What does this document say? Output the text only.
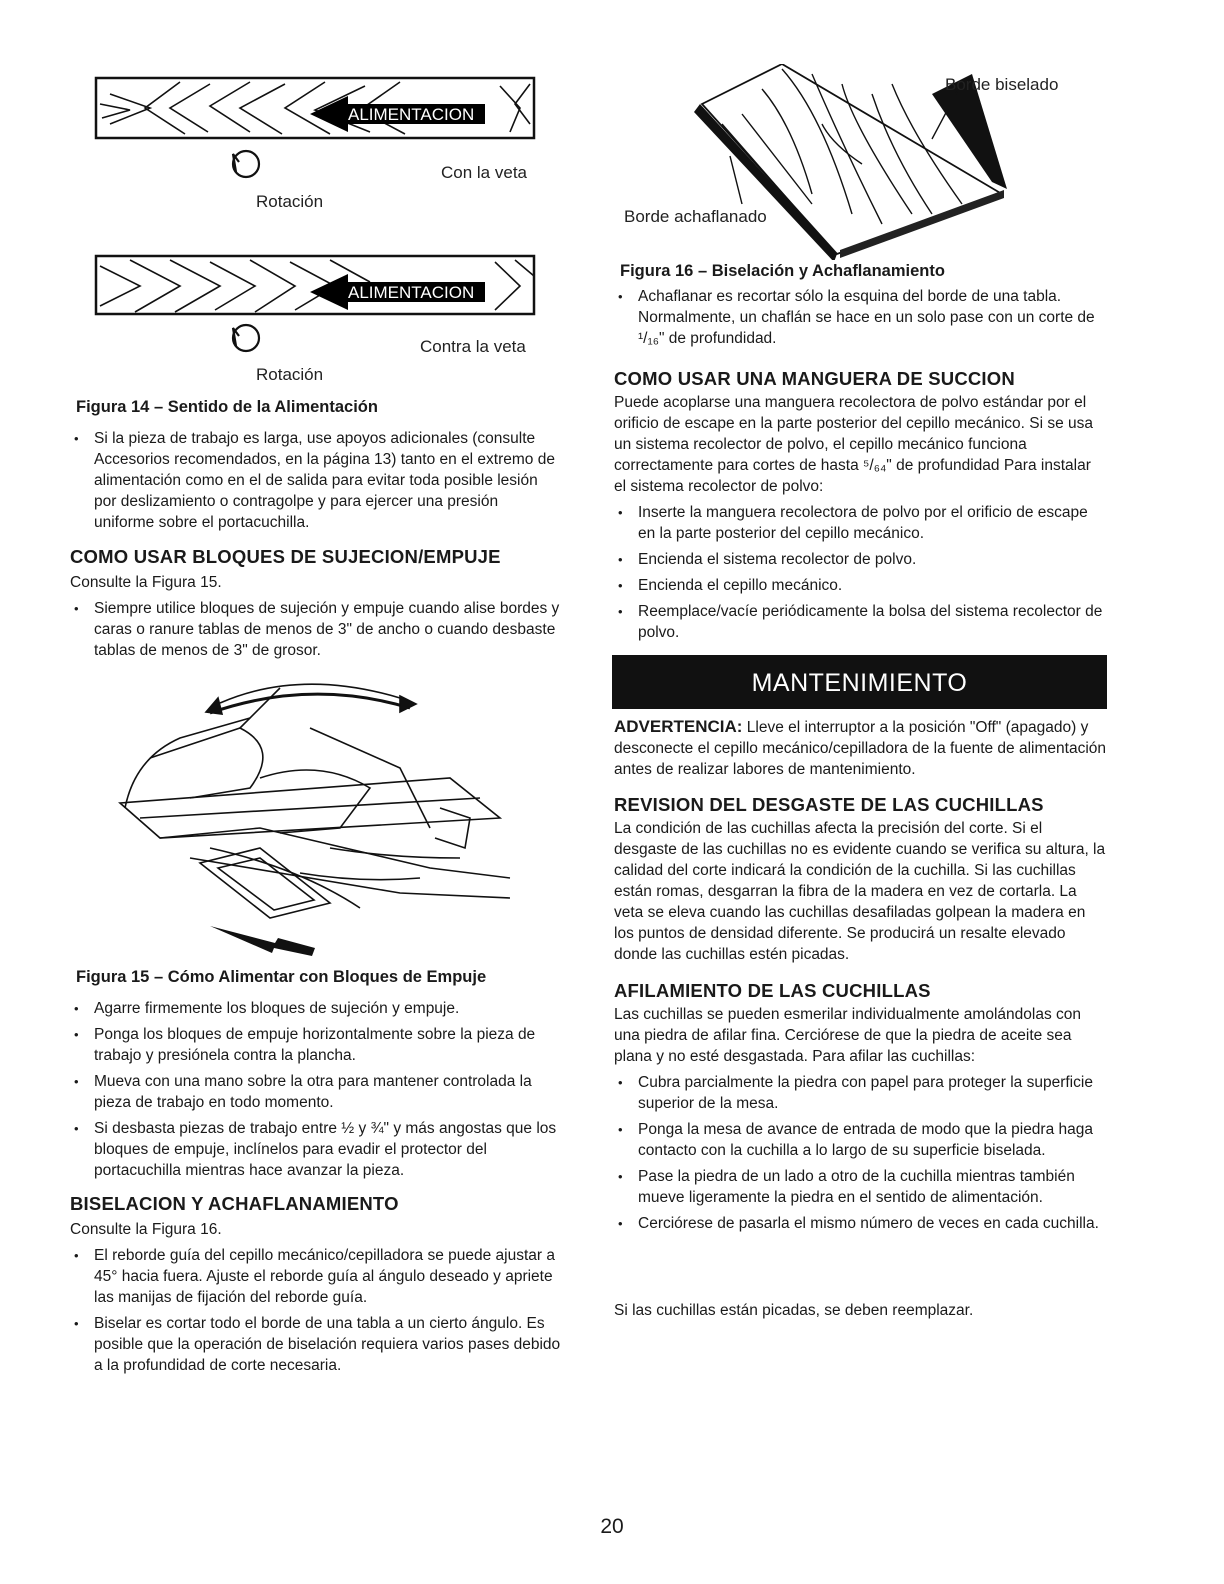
ALIMENTACION
Con la veta
Rotación
ALIMENTACION
Contra la veta
Rotación

Figura 14 – Sentido de la Alimentación

• Si la pieza de trabajo es larga, use apoyos adicionales (consulte Accesorios recomendados, en la página 13) tanto en el extremo de alimentación como en el de salida para evitar toda posible lesión por deslizamiento o contragolpe y para ejercer una presión uniforme sobre el portacuchilla.
COMO USAR BLOQUES DE SUJECION/EMPUJE

Consulte la Figura 15.

• Siempre utilice bloques de sujeción y empuje cuando alise bordes y caras o ranure tablas de menos de 3" de ancho o cuando desbaste tablas de menos de 3" de grosor.

Figura 15 – Cómo Alimentar con Bloques de Empuje

• Agarre firmemente los bloques de sujeción y empuje.
• Ponga los bloques de empuje horizontalmente sobre la pieza de trabajo y presiónela contra la plancha.
• Mueva con una mano sobre la otra para mantener controlada la pieza de trabajo en todo momento.
• Si desbasta piezas de trabajo entre ½ y ¾" y más angostas que los bloques de empuje, inclínelos para evadir el protector del portacuchilla mientras hace avanzar la pieza.
BISELACION Y ACHAFLANAMIENTO

Consulte la Figura 16.

• El reborde guía del cepillo mecánico/cepilladora se puede ajustar a 45° hacia fuera. Ajuste el reborde guía al ángulo deseado y apriete las manijas de fijación del reborde guía.
• Biselar es cortar todo el borde de una tabla a un cierto ángulo. Es posible que la operación de biselación requiera varios pases debido a la profundidad de corte necesaria.
Borde biselado
Borde achaflanado

Figura 16 – Biselación y Achaflanamiento

• Achaflanar es recortar sólo la esquina del borde de una tabla. Normalmente, un chaflán se hace en un solo pase con un corte de ¹/₁₆" de profundidad.
COMO USAR UNA MANGUERA DE SUCCION

Puede acoplarse una manguera recolectora de polvo estándar por el orificio de escape en la parte posterior del cepillo mecánico. Si se usa un sistema recolector de polvo, el cepillo mecánico funciona correctamente para cortes de hasta ⁵/₆₄" de profundidad Para instalar el sistema recolector de polvo:

• Inserte la manguera recolectora de polvo por el orificio de escape en la parte posterior del cepillo mecánico.
• Encienda el sistema recolector de polvo.
• Encienda el cepillo mecánico.
• Reemplace/vacíe periódicamente la bolsa del sistema recolector de polvo.
MANTENIMIENTO

ADVERTENCIA: Lleve el interruptor a la posición "Off" (apagado) y desconecte el cepillo mecánico/cepilladora de la fuente de alimentación antes de realizar labores de mantenimiento.

REVISION DEL DESGASTE DE LAS CUCHILLAS

La condición de las cuchillas afecta la precisión del corte. Si el desgaste de las cuchillas no es evidente cuando se verifica su altura, la calidad del corte indicará la condición de la cuchilla. Si las cuchillas están romas, desgarran la fibra de la madera en vez de cortarla. La veta se eleva cuando las cuchillas desafiladas golpean la madera en los puntos de densidad diferente. Se producirá un resalte elevado donde las cuchillas estén picadas.

AFILAMIENTO DE LAS CUCHILLAS

Las cuchillas se pueden esmerilar individualmente amolándolas con una piedra de afilar fina. Cerciórese de que la piedra de aceite sea plana y no esté desgastada. Para afilar las cuchillas:

• Cubra parcialmente la piedra con papel para proteger la superficie superior de la mesa.
• Ponga la mesa de avance de entrada de modo que la piedra haga contacto con la cuchilla a lo largo de su superficie biselada.
• Pase la piedra de un lado a otro de la cuchilla mientras también mueve ligeramente la piedra en el sentido de alimentación.
• Cerciórese de pasarla el mismo número de veces en cada cuchilla.

Si las cuchillas están picadas, se deben reemplazar.

20
